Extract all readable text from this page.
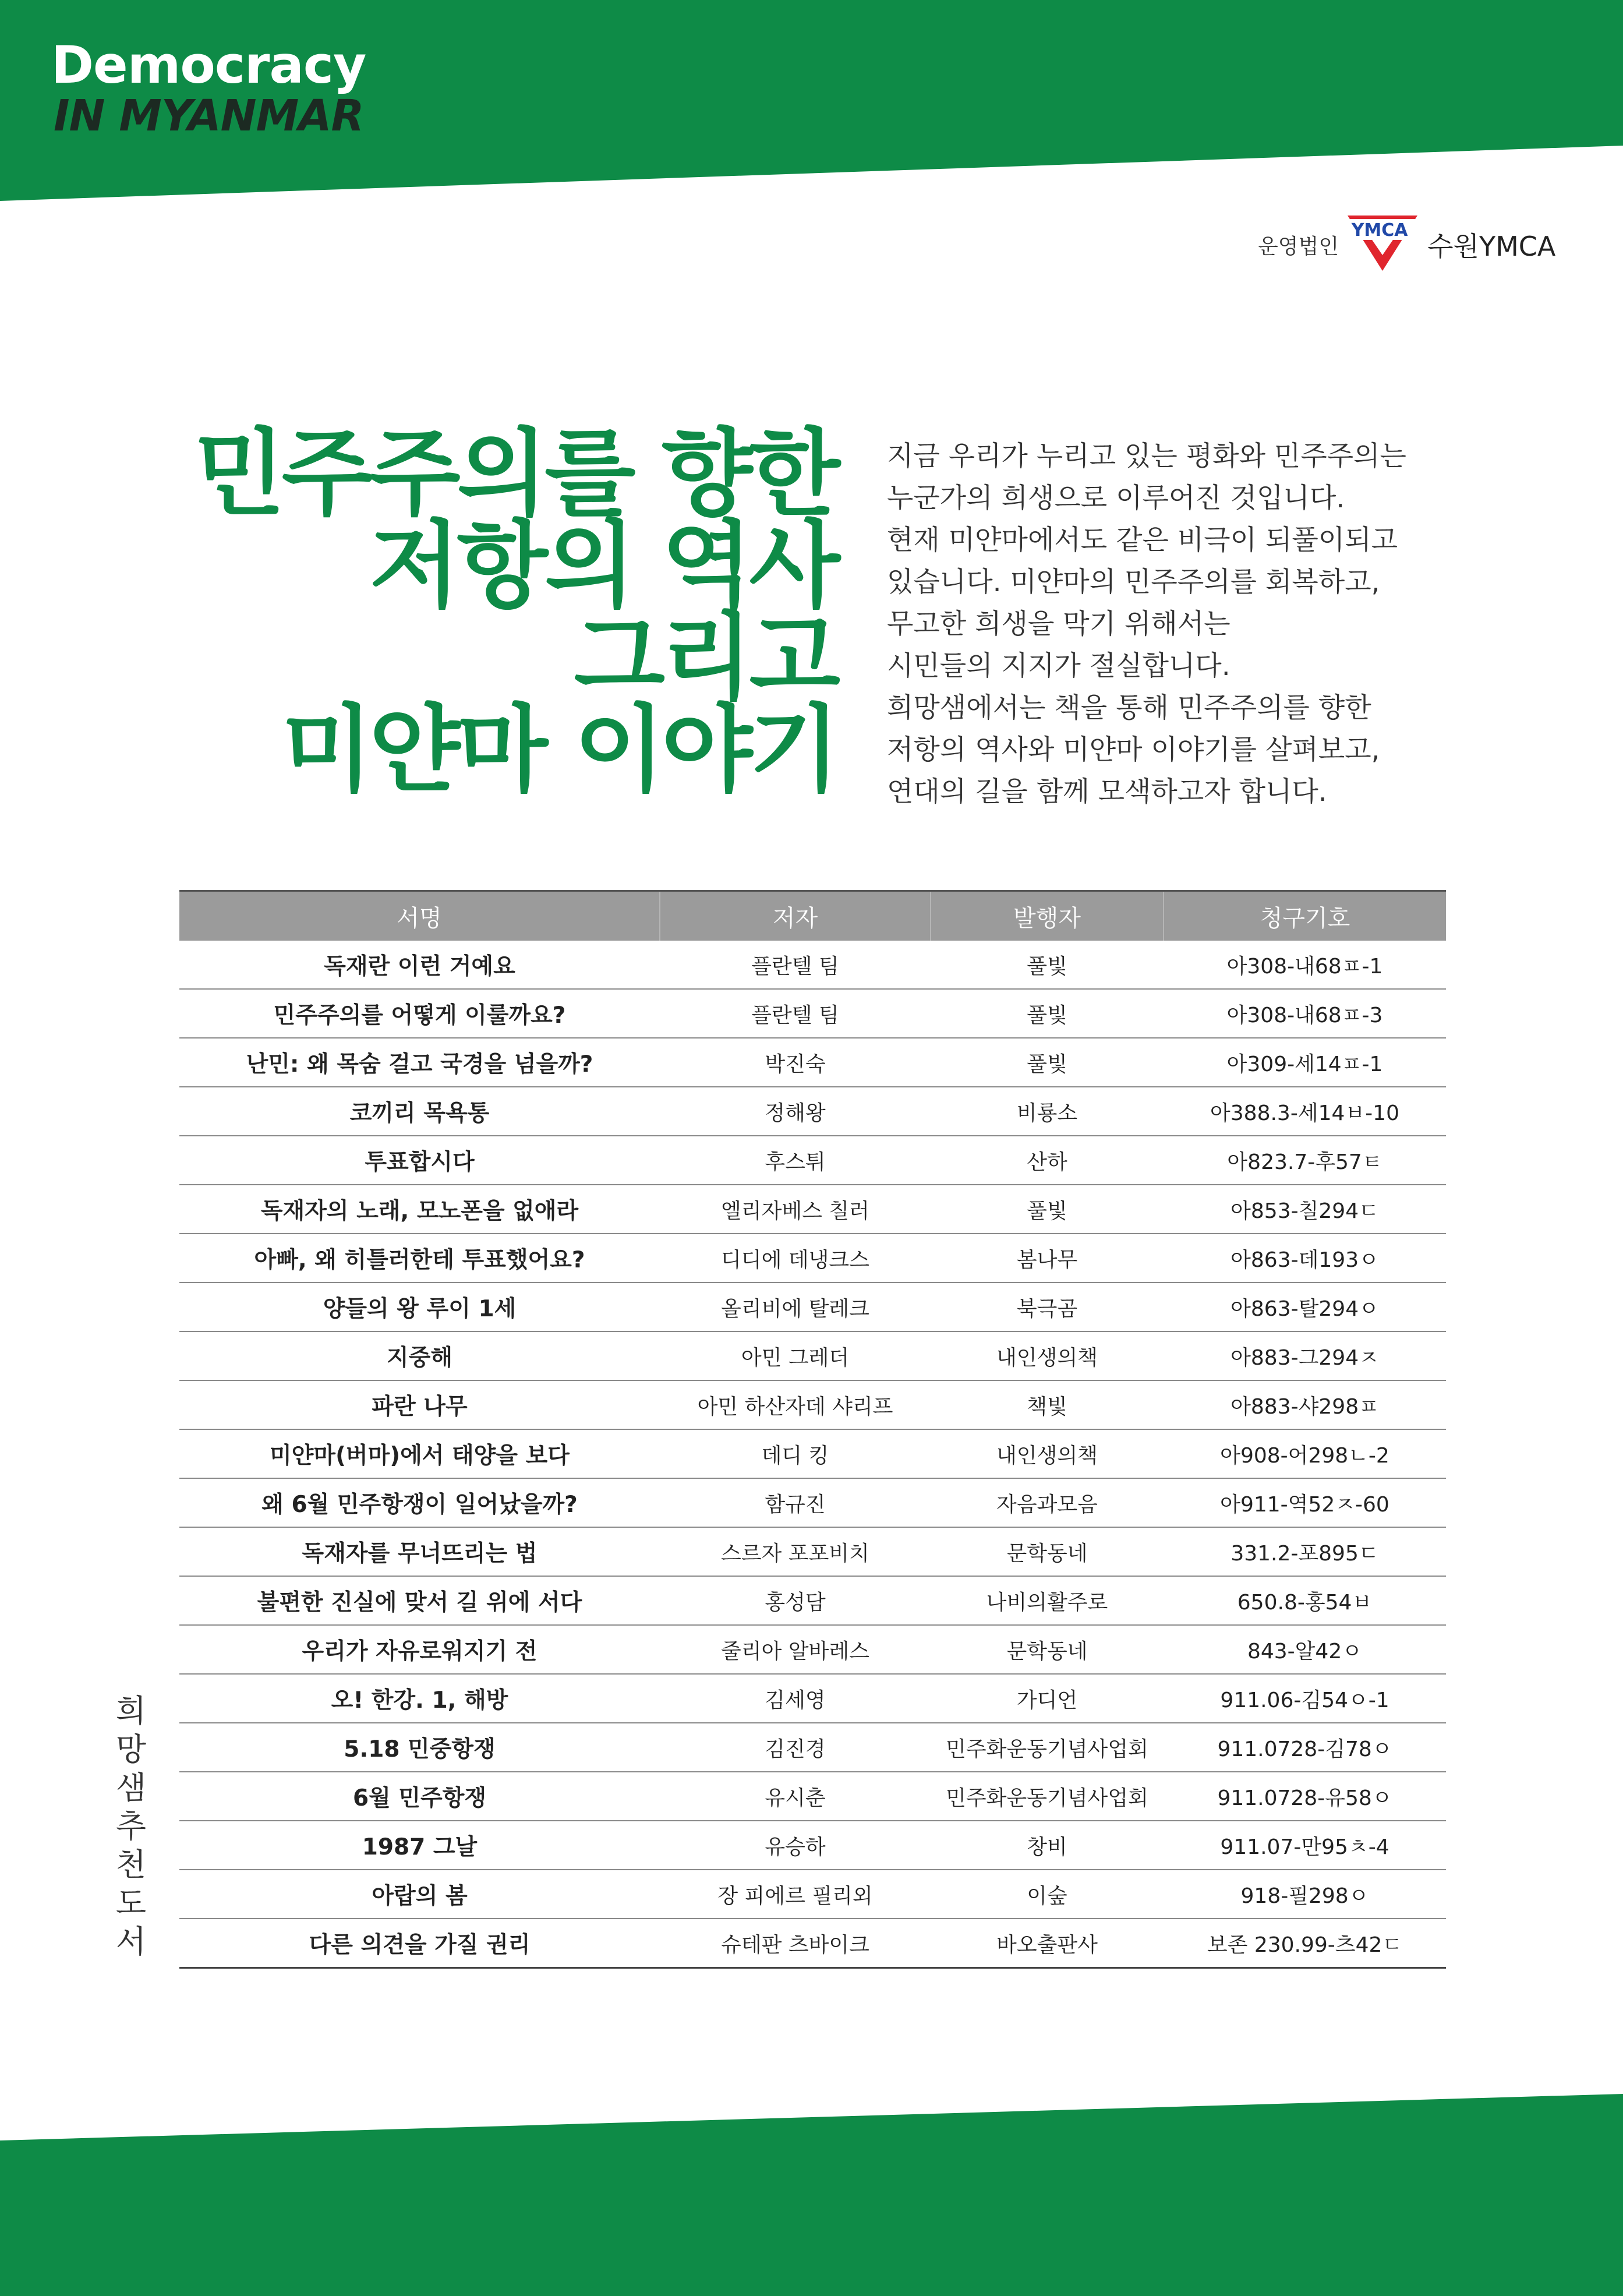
Democracy
IN MYANMAR
운영법인
YMCA
수원YMCA
민주주의를 향한
저항의 역사
그리고
미얀마 이야기
지금 우리가 누리고 있는 평화와 민주주의는
누군가의 희생으로 이루어진 것입니다.
현재 미얀마에서도 같은 비극이 되풀이되고
있습니다. 미얀마의 민주주의를 회복하고,
무고한 희생을 막기 위해서는
시민들의 지지가 절실합니다.
희망샘에서는 책을 통해 민주주의를 향한
저항의 역사와 미얀마 이야기를 살펴보고,
연대의 길을 함께 모색하고자 합니다.
서명	저자	발행자	청구기호
독재란 이런 거예요	플란텔 팀	풀빛	아308-내68ㅍ-1
민주주의를 어떻게 이룰까요?	플란텔 팀	풀빛	아308-내68ㅍ-3
난민: 왜 목숨 걸고 국경을 넘을까?	박진숙	풀빛	아309-세14ㅍ-1
코끼리 목욕통	정해왕	비룡소	아388.3-세14ㅂ-10
투표합시다	후스튀	산하	아823.7-후57ㅌ
독재자의 노래, 모노폰을 없애라	엘리자베스 칠러	풀빛	아853-칠294ㄷ
아빠, 왜 히틀러한테 투표했어요?	디디에 데냉크스	봄나무	아863-데193ㅇ
양들의 왕 루이 1세	올리비에 탈레크	북극곰	아863-탈294ㅇ
지중해	아민 그레더	내인생의책	아883-그294ㅈ
파란 나무	아민 하산자데 샤리프	책빛	아883-샤298ㅍ
미얀마(버마)에서 태양을 보다	데디 킹	내인생의책	아908-어298ㄴ-2
왜 6월 민주항쟁이 일어났을까?	함규진	자음과모음	아911-역52ㅈ-60
독재자를 무너뜨리는 법	스르자 포포비치	문학동네	331.2-포895ㄷ
불편한 진실에 맞서 길 위에 서다	홍성담	나비의활주로	650.8-홍54ㅂ
우리가 자유로워지기 전	줄리아 알바레스	문학동네	843-알42ㅇ
오! 한강. 1, 해방	김세영	가디언	911.06-김54ㅇ-1
5.18 민중항쟁	김진경	민주화운동기념사업회	911.0728-김78ㅇ
6월 민주항쟁	유시춘	민주화운동기념사업회	911.0728-유58ㅇ
1987 그날	유승하	창비	911.07-만95ㅊ-4
아랍의 봄	장 피에르 필리외	이숲	918-필298ㅇ
다른 의견을 가질 권리	슈테판 츠바이크	바오출판사	보존 230.99-츠42ㄷ
희
망
샘
추
천
도
서
